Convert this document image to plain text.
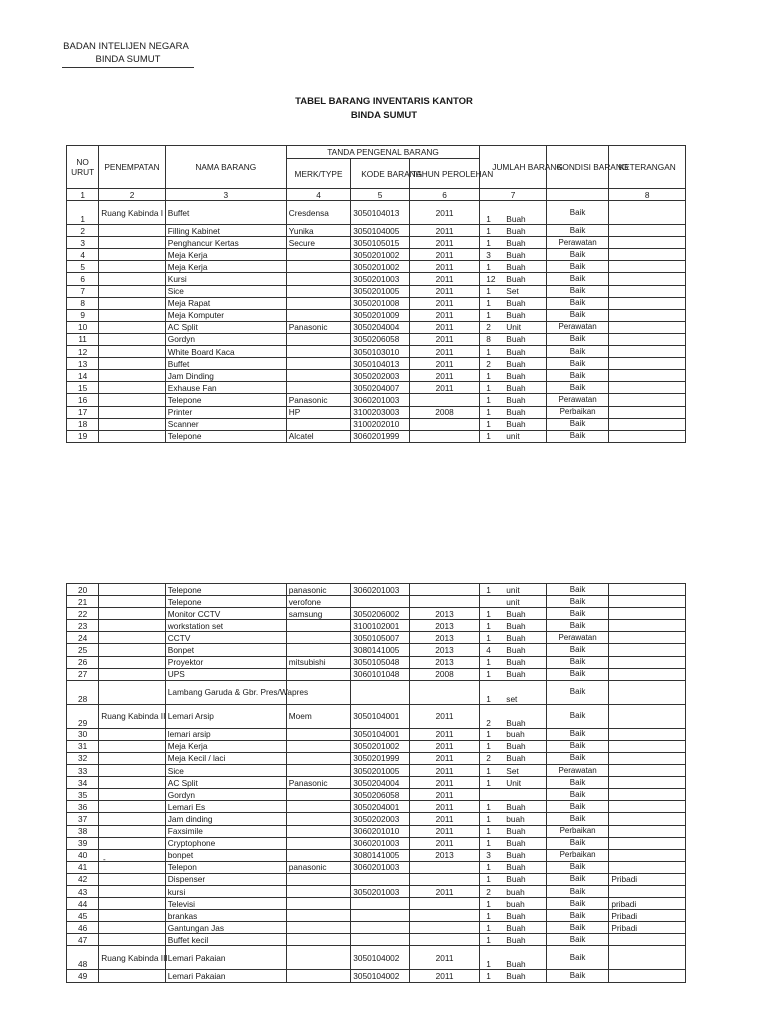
BADAN INTELIJEN NEGARA
BINDA SUMUT
TABEL BARANG INVENTARIS KANTOR
BINDA SUMUT
NO URUT	PENEMPATAN	NAMA BARANG	TANDA PENGENAL BARANG			JUMLAH BARANG	KONDISI BARANG	KETERANGAN
			MERK/TYPE	KODE BARANG	TAHUN PEROLEHAN			
1	2	3	4	5	6	7		8
1	Ruang Kabinda I	Buffet	Cresdensa	3050104013	2011	1 Buah	Baik	
2		Filling Kabinet	Yunika	3050104005	2011	1 Buah	Baik	
3		Penghancur Kertas	Secure	3050105015	2011	1 Buah	Perawatan	
4		Meja Kerja		3050201002	2011	3 Buah	Baik	
5		Meja Kerja		3050201002	2011	1 Buah	Baik	
6		Kursi		3050201003	2011	12 Buah	Baik	
7		Sice		3050201005	2011	1 Set	Baik	
8		Meja Rapat		3050201008	2011	1 Buah	Baik	
9		Meja Komputer		3050201009	2011	1 Buah	Baik	
10		AC Split	Panasonic	3050204004	2011	2 Unit	Perawatan	
11		Gordyn		3050206058	2011	8 Buah	Baik	
12		White Board Kaca		3050103010	2011	1 Buah	Baik	
13		Buffet		3050104013	2011	2 Buah	Baik	
14		Jam Dinding		3050202003	2011	1 Buah	Baik	
15		Exhause Fan		3050204007	2011	1 Buah	Baik	
16		Telepone	Panasonic	3060201003		1 Buah	Perawatan	
17		Printer	HP	3100203003	2008	1 Buah	Perbaikan	
18		Scanner		3100202010		1 Buah	Baik	
19		Telepone	Alcatel	3060201999		1 unit	Baik	
20		Telepone	panasonic	3060201003		1 unit	Baik	
21		Telepone	verofone			unit	Baik	
22		Monitor CCTV	samsung	3050206002	2013	1 Buah	Baik	
23		workstation set		3100102001	2013	1 Buah	Baik	
24		CCTV		3050105007	2013	1 Buah	Perawatan	
25		Bonpet		3080141005	2013	4 Buah	Baik	
26		Proyektor	mitsubishi	3050105048	2013	1 Buah	Baik	
27		UPS		3060101048	2008	1 Buah	Baik	
28		Lambang Garuda & Gbr. Pres/Wapres				1 set	Baik	
29	Ruang Kabinda II	Lemari Arsip	Moem	3050104001	2011	2 Buah	Baik	
30		lemari arsip		3050104001	2011	1 buah	Baik	
31		Meja Kerja		3050201002	2011	1 Buah	Baik	
32		Meja Kecil / laci		3050201999	2011	2 Buah	Baik	
33		Sice		3050201005	2011	1 Set	Perawatan	
34		AC Split	Panasonic	3050204004	2011	1 Unit	Baik	
35		Gordyn		3050206058	2011		Baik	
36		Lemari Es		3050204001	2011	1 Buah	Baik	
37		Jam dinding		3050202003	2011	1 buah	Baik	
38		Faxsimile		3060201010	2011	1 Buah	Perbaikan	
39		Cryptophone		3060201003	2011	1 Buah	Baik	
40		bonpet		3080141005	2013	3 Buah	Perbaikan	
41		Telepon	panasonic	3060201003		1 Buah	Baik	
42		Dispenser				1 Buah	Baik	Pribadi
43		kursi		3050201003	2011	2 buah	Baik	
44		Televisi				1 buah	Baik	pribadi
45		brankas				1 Buah	Baik	Pribadi
46		Gantungan Jas				1 Buah	Baik	Pribadi
47		Buffet kecil				1 Buah	Baik	
48	Ruang Kabinda III	Lemari Pakaian		3050104002	2011	1 Buah	Baik	
49		Lemari Pakaian		3050104002	2011	1 Buah	Baik	
-
